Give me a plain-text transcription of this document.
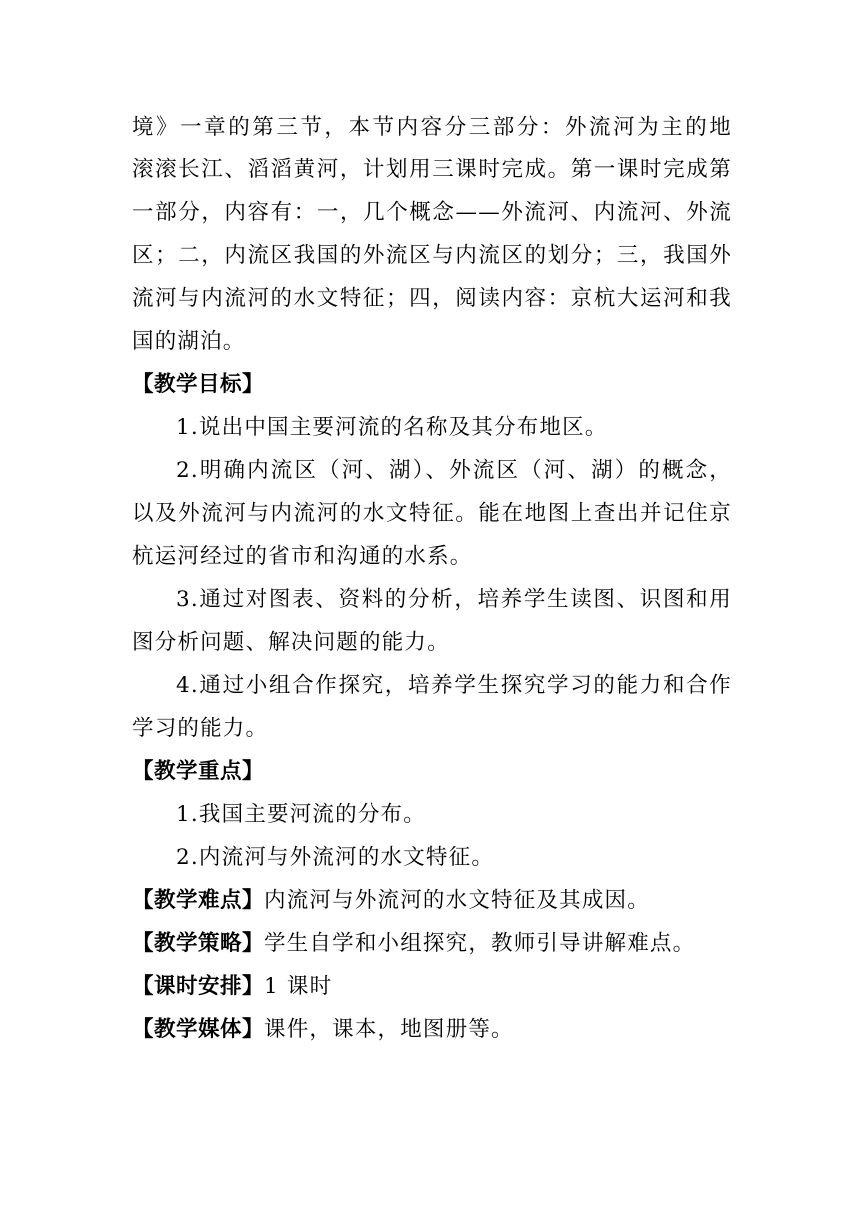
境》一章的第三节，本节内容分三部分：外流河为主的地
滚滚长江、滔滔黄河，计划用三课时完成。第一课时完成第
一部分，内容有：一，几个概念——外流河、内流河、外流
区；二，内流区我国的外流区与内流区的划分；三，我国外
流河与内流河的水文特征；四，阅读内容：京杭大运河和我
国的湖泊。
【教学目标】
1.说出中国主要河流的名称及其分布地区。
2.明确内流区（河、湖）、外流区（河、湖）的概念，
以及外流河与内流河的水文特征。能在地图上查出并记住京
杭运河经过的省市和沟通的水系。
3.通过对图表、资料的分析，培养学生读图、识图和用
图分析问题、解决问题的能力。
4.通过小组合作探究，培养学生探究学习的能力和合作
学习的能力。
【教学重点】
1.我国主要河流的分布。
2.内流河与外流河的水文特征。
【教学难点】内流河与外流河的水文特征及其成因。
【教学策略】学生自学和小组探究，教师引导讲解难点。
【课时安排】1 课时
【教学媒体】课件，课本，地图册等。
